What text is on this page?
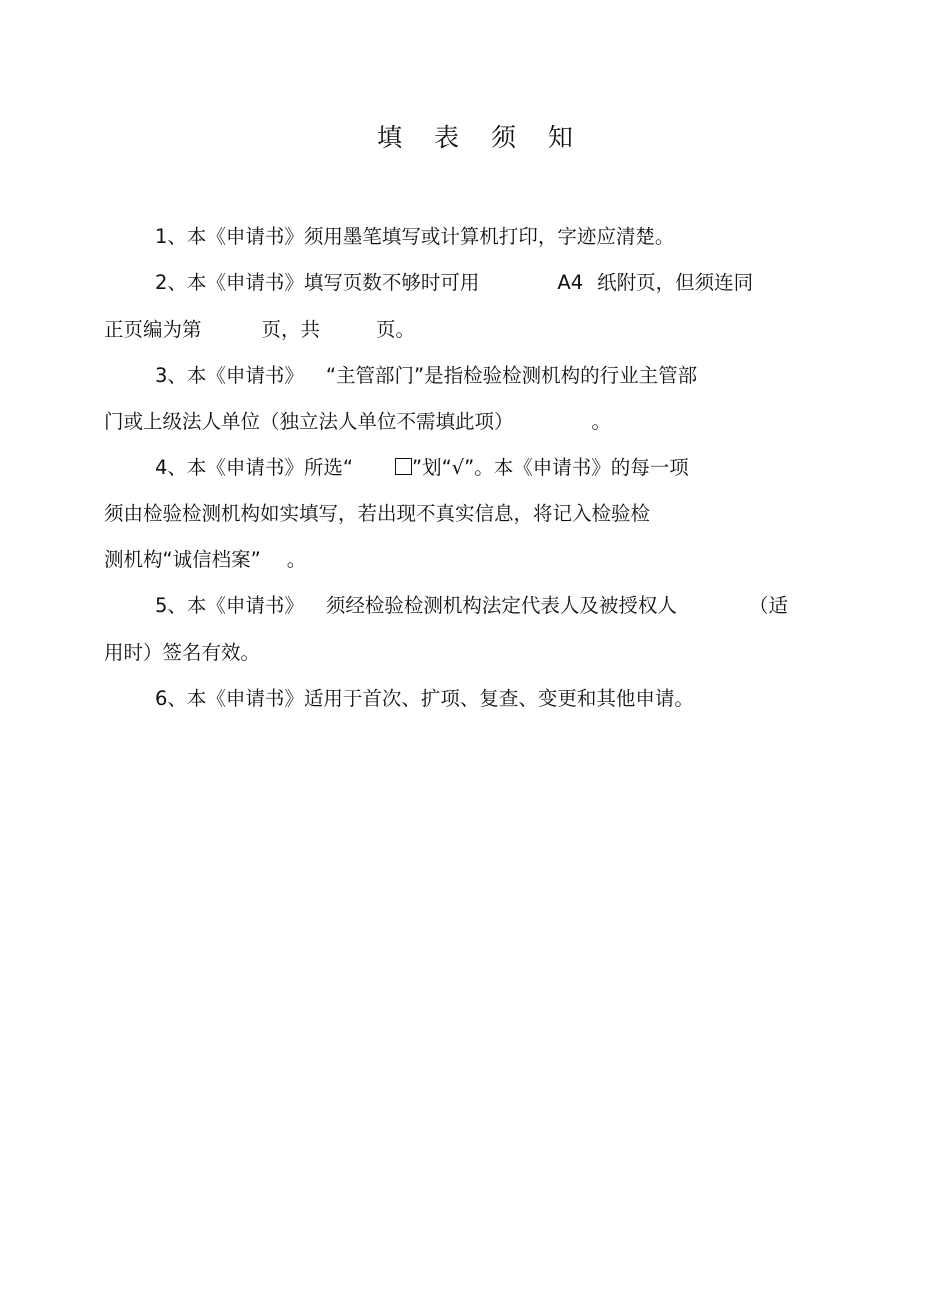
填 表 须 知
1、本《申请书》须用墨笔填写或计算机打印，字迹应清楚。
2、本《申请书》填写页数不够时可用	A4 纸附页，但须连同
正页编为第	页，共	页。
3、本《申请书》 “主管部门”是指检验检测机构的行业主管部
门或上级法人单位（独立法人单位不需填此项）	。
4、本《申请书》所选“	”划“√”。本《申请书》的每一项
须由检验检测机构如实填写，若出现不真实信息，将记入检验检
测机构“诚信档案” 。
5、本《申请书》 须经检验检测机构法定代表人及被授权人	（适
用时）签名有效。
6、本《申请书》适用于首次、扩项、复查、变更和其他申请。
